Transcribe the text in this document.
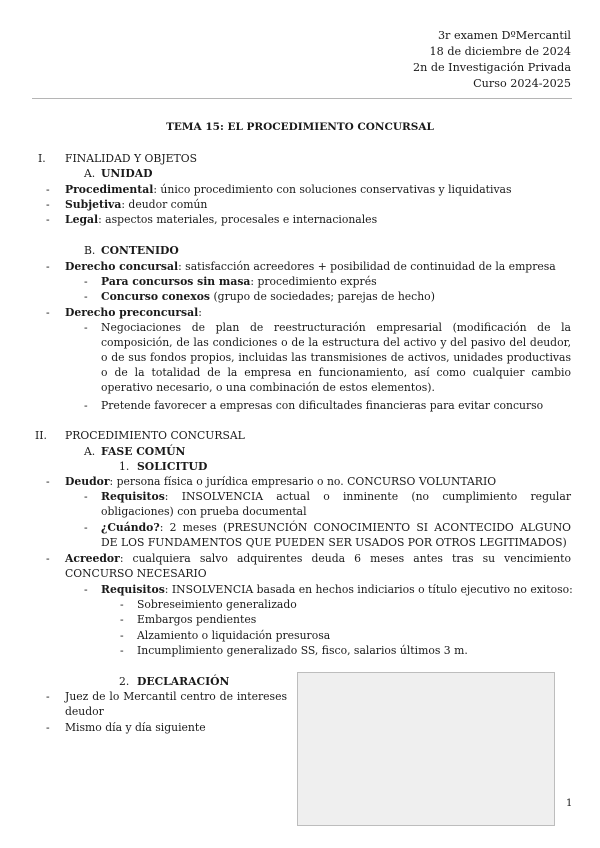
3r examen DºMercantil
18 de diciembre de 2024
2n de Investigación Privada
Curso 2024-2025
TEMA 15: EL PROCEDIMIENTO CONCURSAL
I. FINALIDAD Y OBJETOS
A. UNIDAD
- Procedimental: único procedimiento con soluciones conservativas y liquidativas
- Subjetiva: deudor común
- Legal: aspectos materiales, procesales e internacionales
B. CONTENIDO
- Derecho concursal: satisfacción acreedores + posibilidad de continuidad de la empresa
- Para concursos sin masa: procedimiento exprés
- Concurso conexos (grupo de sociedades; parejas de hecho)
- Derecho preconcursal:
- Negociaciones de plan de reestructuración empresarial (modificación de la composición, de las condiciones o de la estructura del activo y del pasivo del deudor, o de sus fondos propios, incluidas las transmisiones de activos, unidades productivas o de la totalidad de la empresa en funcionamiento, así como cualquier cambio operativo necesario, o una combinación de estos elementos).
- Pretende favorecer a empresas con dificultades financieras para evitar concurso
II. PROCEDIMIENTO CONCURSAL
A. FASE COMÚN
1. SOLICITUD
- Deudor: persona física o jurídica empresario o no. CONCURSO VOLUNTARIO
- Requisitos: INSOLVENCIA actual o inminente (no cumplimiento regular obligaciones) con prueba documental
- ¿Cuándo?: 2 meses (PRESUNCIÓN CONOCIMIENTO SI ACONTECIDO ALGUNO DE LOS FUNDAMENTOS QUE PUEDEN SER USADOS POR OTROS LEGITIMADOS)
- Acreedor: cualquiera salvo adquirentes deuda 6 meses antes tras su vencimiento CONCURSO NECESARIO
- Requisitos: INSOLVENCIA basada en hechos indiciarios o título ejecutivo no exitoso:
- Sobreseimiento generalizado
- Embargos pendientes
- Alzamiento o liquidación presurosa
- Incumplimiento generalizado SS, fisco, salarios últimos 3 m.
2. DECLARACIÓN
- Juez de lo Mercantil centro de intereses deudor
- Mismo día y día siguiente
1
